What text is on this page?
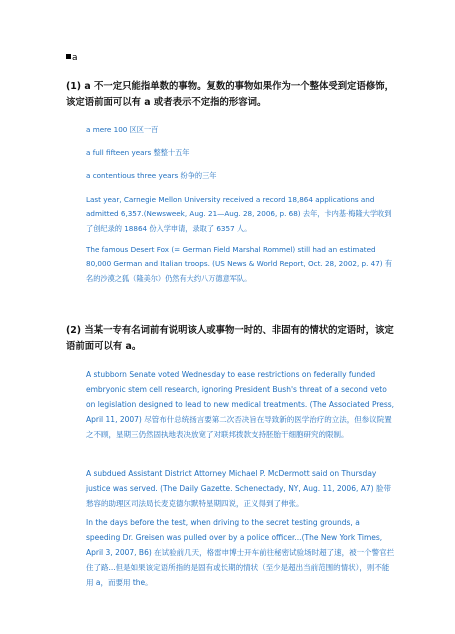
a
(1) a 不一定只能指单数的事物。复数的事物如果作为一个整体受到定语修饰，该定语前面可以有 a 或者表示不定指的形容词。
a mere 100 区区一百
a full fifteen years 整整十五年
a contentious three years 纷争的三年
Last year, Carnegie Mellon University received a record 18,864 applications and admitted 6,357.(Newsweek, Aug. 21—Aug. 28, 2006, p. 68) 去年，卡内基·梅隆大学收到了创纪录的 18864 份入学申请，录取了 6357 人。
The famous Desert Fox (= German Field Marshal Rommel) still had an estimated 80,000 German and Italian troops. (US News & World Report, Oct. 28, 2002, p. 47) 有名的沙漠之狐（隆美尔）仍然有大约八万德意军队。
(2) 当某一专有名词前有说明该人或事物一时的、非固有的情状的定语时，该定语前面可以有 a。
A stubborn Senate voted Wednesday to ease restrictions on federally funded embryonic stem cell research, ignoring President Bush's threat of a second veto on legislation designed to lead to new medical treatments. (The Associated Press, April 11, 2007) 尽管布什总统扬言要第二次否决旨在导致新的医学治疗的立法，但参议院置之不顾，星期三仍然固执地表决放宽了对联邦拨款支持胚胎干细胞研究的限制。
A subdued Assistant District Attorney Michael P. McDermott said on Thursday justice was served. (The Daily Gazette. Schenectady, NY, Aug. 11, 2006, A7) 脸带愁容的助理区司法局长麦克德尔默特星期四说，正义得到了伸张。
In the days before the test, when driving to the secret testing grounds, a speeding Dr. Greisen was pulled over by a police officer...(The New York Times, April 3, 2007, B6) 在试验前几天，格雷申博士开车前往秘密试验场时超了速，被一个警官拦住了路...但是如果该定语所指的是固有或长期的情状（至少是超出当前范围的情状），则不能用 a，而要用 the。
